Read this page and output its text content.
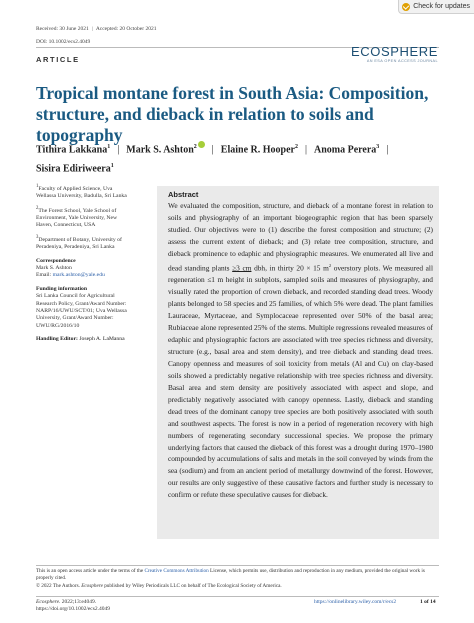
Check for updates
Received: 30 June 2021 | Accepted: 20 October 2021
DOI: 10.1002/ecs2.4049
ARTICLE
ECOSPHERE
AN ESA OPEN ACCESS JOURNAL
Tropical montane forest in South Asia: Composition, structure, and dieback in relation to soils and topography
Tithira Lakkana$^1$ | Mark S. Ashton$^2$ | Elaine R. Hooper$^2$ | Anoma Perera$^3$ |
Sisira Ediriweera$^1$
$^1$Faculty of Applied Science, Uva Wellassa University, Badulla, Sri Lanka
$^2$The Forest School, Yale School of Environment, Yale University, New Haven, Connecticut, USA
$^3$Department of Botany, University of Peradeniya, Peradeniya, Sri Lanka
Correspondence
Mark S. Ashton
Email: mark.ashton@yale.edu
Funding information
Sri Lanka Council for Agricultural Research Policy, Grant/Award Number: NARP/16/UWU/SCT/01; Uva Wellassa University, Grant/Award Number: UWU/RG/2016/10
Handling Editor: Joseph A. LaManna
Abstract

We evaluated the composition, structure, and dieback of a montane forest in relation to soils and physiography of an important biogeographic region that has been sparsely studied. Our objectives were to (1) describe the forest composition and structure; (2) assess the current extent of dieback; and (3) relate tree composition, structure, and dieback prominence to edaphic and physiographic measures. We enumerated all live and dead standing plants ≥3 cm dbh, in thirty 20 × 15 $m^2$ overstory plots. We measured all regeneration ≤1 m height in subplots, sampled soils and measures of physiography, and visually rated the proportion of crown dieback, and recorded standing dead trees. Woody plants belonged to 58 species and 25 families, of which 5% were dead. The plant families Lauraceae, Myrtaceae, and Symplocaceae represented over 50% of the basal area; Rubiaceae alone represented 25% of the stems. Multiple regressions revealed measures of edaphic and physiographic factors are associated with tree species richness and diversity, structure (e.g., basal area and stem density), and tree dieback and standing dead trees. Canopy openness and measures of soil toxicity from metals (Al and Cu) on clay-based soils showed a predictably negative relationship with tree species richness and diversity. Basal area and stem density are positively associated with aspect and slope, and predictably negatively associated with canopy openness. Lastly, dieback and standing dead trees of the dominant canopy tree species are both positively associated with south and southwest aspects. The forest is now in a period of regeneration recovery with high numbers of regenerating secondary successional species. We propose the primary underlying factors that caused the dieback of this forest was a drought during 1970–1980 compounded by accumulations of salts and metals in the soil conveyed by winds from the sea (sodium) and from an ancient period of metallurgy downwind of the forest. However, our results are only suggestive of these causative factors and further study is necessary to confirm or refute these speculative causes for dieback.

This is an open access article under the terms of the Creative Commons Attribution License, which permits use, distribution and reproduction in any medium, provided the original work is properly cited.
© 2022 The Authors. Ecosphere published by Wiley Periodicals LLC on behalf of The Ecological Society of America.
Ecosphere. 2022;13:e4049.
https://doi.org/10.1002/ecs2.4049
https://onlinelibrary.wiley.com/r/ecs2	1 of 14
